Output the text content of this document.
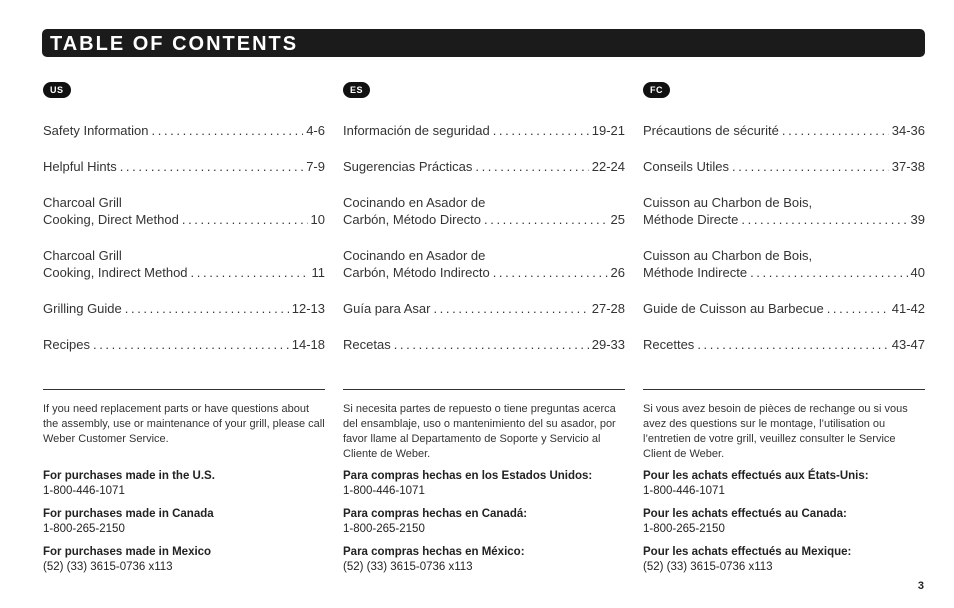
TABLE OF CONTENTS
US
Safety Information . . .	4-6
Helpful Hints . . .	7-9
Charcoal Grill
Cooking, Direct Method . . .	10
Charcoal Grill
Cooking, Indirect Method . . .	11
Grilling Guide . . .	12-13
Recipes . . .	14-18
If you need replacement parts or have questions about the assembly, use or maintenance of your grill, please call Weber Customer Service.
For purchases made in the U.S.
1-800-446-1071
For purchases made in Canada
1-800-265-2150
For purchases made in Mexico
(52) (33) 3615-0736 x113
ES
Información de seguridad . . .	19-21
Sugerencias Prácticas . . .	22-24
Cocinando en Asador de
Carbón, Método Directo . . .	25
Cocinando en Asador de
Carbón, Método Indirecto . . .	26
Guía para Asar . . .	27-28
Recetas . . .	29-33
Si necesita partes de repuesto o tiene preguntas acerca del ensamblaje, uso o mantenimiento del su asador, por favor llame al Departamento de Soporte y Servicio al Cliente de Weber.
Para compras hechas en los Estados Unidos:
1-800-446-1071
Para compras hechas en Canadá:
1-800-265-2150
Para compras hechas en México:
(52) (33) 3615-0736 x113
FC
Précautions de sécurité . . .	34-36
Conseils Utiles . . .	37-38
Cuisson au Charbon de Bois,
Méthode Directe . . .	39
Cuisson au Charbon de Bois,
Méthode Indirecte . . .	40
Guide de Cuisson au Barbecue . . .	41-42
Recettes . . .	43-47
Si vous avez besoin de pièces de rechange ou si vous avez des questions sur le montage, l’utilisation ou l’entretien de votre grill, veuillez consulter le Service Client de Weber.
Pour les achats effectués aux États-Unis:
1-800-446-1071
Pour les achats effectués au Canada:
1-800-265-2150
Pour les achats effectués au Mexique:
(52) (33) 3615-0736 x113
3
